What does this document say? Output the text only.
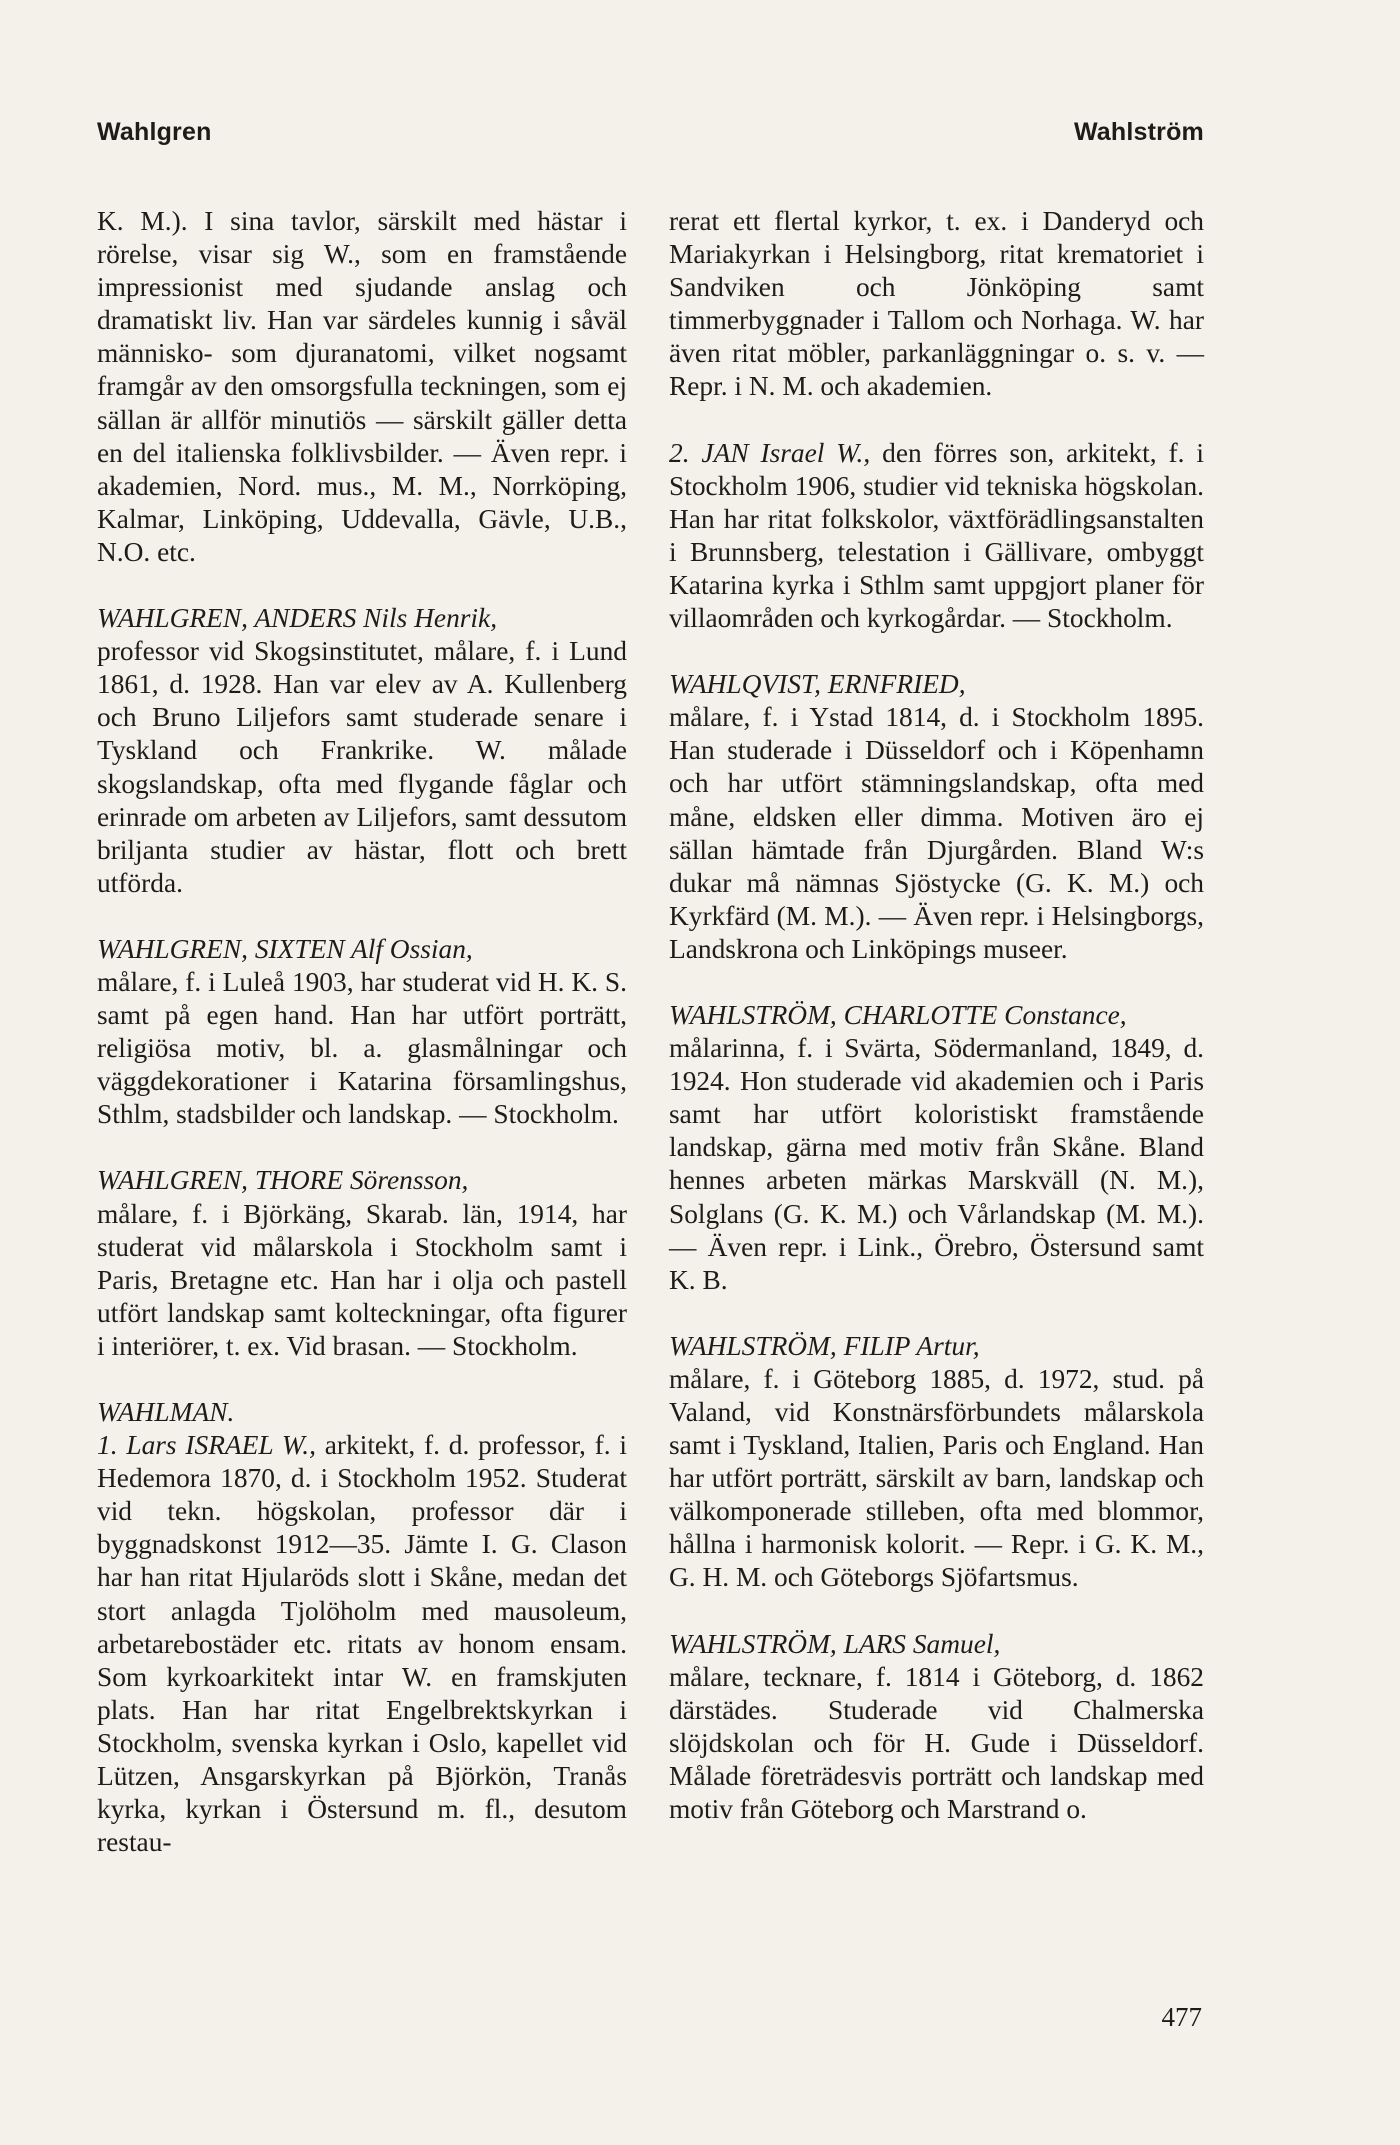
Wahlgren	Wahlström

K. M.). I sina tavlor, särskilt med hästar i rörelse, visar sig W., som en framstående impressionist med sjudande anslag och dramatiskt liv. Han var särdeles kunnig i såväl människo- som djuranatomi, vilket nogsamt framgår av den omsorgsfulla teckningen, som ej sällan är allför minutiös — särskilt gäller detta en del italienska folklivsbilder. — Även repr. i akademien, Nord. mus., M. M., Norrköping, Kalmar, Linköping, Uddevalla, Gävle, U.B., N.O. etc.

WAHLGREN, ANDERS Nils Henrik,
professor vid Skogsinstitutet, målare, f. i Lund 1861, d. 1928. Han var elev av A. Kullenberg och Bruno Liljefors samt studerade senare i Tyskland och Frankrike. W. målade skogslandskap, ofta med flygande fåglar och erinrade om arbeten av Liljefors, samt dessutom briljanta studier av hästar, flott och brett utförda.

WAHLGREN, SIXTEN Alf Ossian,
målare, f. i Luleå 1903, har studerat vid H. K. S. samt på egen hand. Han har utfört porträtt, religiösa motiv, bl. a. glasmålningar och väggdekorationer i Katarina församlingshus, Sthlm, stadsbilder och landskap. — Stockholm.

WAHLGREN, THORE Sörensson,
målare, f. i Björkäng, Skarab. län, 1914, har studerat vid målarskola i Stockholm samt i Paris, Bretagne etc. Han har i olja och pastell utfört landskap samt kolteckningar, ofta figurer i interiörer, t. ex. Vid brasan. — Stockholm.

WAHLMAN.

1. Lars ISRAEL W., arkitekt, f. d. professor, f. i Hedemora 1870, d. i Stockholm 1952. Studerat vid tekn. högskolan, professor där i byggnadskonst 1912—35. Jämte I. G. Clason har han ritat Hjularöds slott i Skåne, medan det stort anlagda Tjolöholm med mausoleum, arbetarebostäder etc. ritats av honom ensam. Som kyrkoarkitekt intar W. en framskjuten plats. Han har ritat Engelbrektskyrkan i Stockholm, svenska kyrkan i Oslo, kapellet vid Lützen, Ansgarskyrkan på Björkön, Tranås kyrka, kyrkan i Östersund m. fl., desutom restau-

rerat ett flertal kyrkor, t. ex. i Danderyd och Mariakyrkan i Helsingborg, ritat krematoriet i Sandviken och Jönköping samt timmerbyggnader i Tallom och Norhaga. W. har även ritat möbler, parkanläggningar o. s. v. — Repr. i N. M. och akademien.

2. JAN Israel W., den förres son, arkitekt, f. i Stockholm 1906, studier vid tekniska högskolan. Han har ritat folkskolor, växtförädlingsanstalten i Brunnsberg, telestation i Gällivare, ombyggt Katarina kyrka i Sthlm samt uppgjort planer för villaområden och kyrkogårdar. — Stockholm.

WAHLQVIST, ERNFRIED,
målare, f. i Ystad 1814, d. i Stockholm 1895. Han studerade i Düsseldorf och i Köpenhamn och har utfört stämningslandskap, ofta med måne, eldsken eller dimma. Motiven äro ej sällan hämtade från Djurgården. Bland W:s dukar må nämnas Sjöstycke (G. K. M.) och Kyrkfärd (M. M.). — Även repr. i Helsingborgs, Landskrona och Linköpings museer.

WAHLSTRÖM, CHARLOTTE Constance,
målarinna, f. i Svärta, Södermanland, 1849, d. 1924. Hon studerade vid akademien och i Paris samt har utfört koloristiskt framstående landskap, gärna med motiv från Skåne. Bland hennes arbeten märkas Marskväll (N. M.), Solglans (G. K. M.) och Vårlandskap (M. M.). — Även repr. i Link., Örebro, Östersund samt K. B.

WAHLSTRÖM, FILIP Artur,
målare, f. i Göteborg 1885, d. 1972, stud. på Valand, vid Konstnärsförbundets målarskola samt i Tyskland, Italien, Paris och England. Han har utfört porträtt, särskilt av barn, landskap och välkomponerade stilleben, ofta med blommor, hållna i harmonisk kolorit. — Repr. i G. K. M., G. H. M. och Göteborgs Sjöfartsmus.

WAHLSTRÖM, LARS Samuel,
målare, tecknare, f. 1814 i Göteborg, d. 1862 därstädes. Studerade vid Chalmerska slöjdskolan och för H. Gude i Düsseldorf. Målade företrädesvis porträtt och landskap med motiv från Göteborg och Marstrand o.

477
